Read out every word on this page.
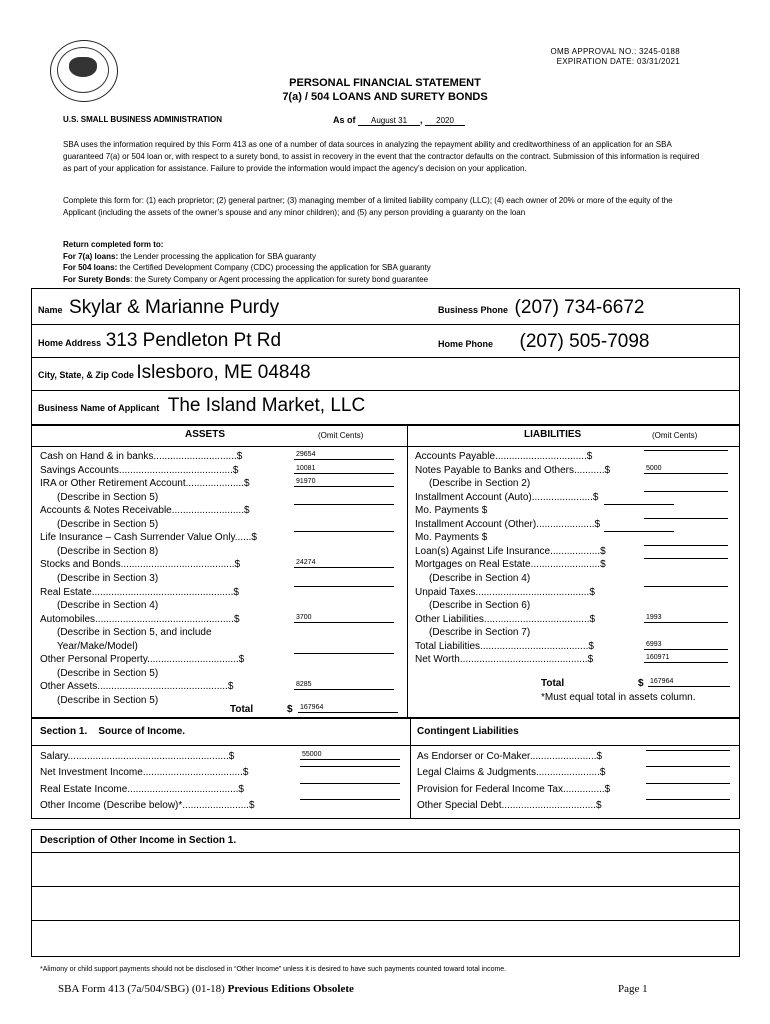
OMB APPROVAL NO.: 3245-0188
EXPIRATION DATE: 03/31/2021
PERSONAL FINANCIAL STATEMENT
7(a) / 504 LOANS AND SURETY BONDS
U.S. SMALL BUSINESS ADMINISTRATION	As of August 31 , 2020
SBA uses the information required by this Form 413 as one of a number of data sources in analyzing the repayment ability and creditworthiness of an application for an SBA guaranteed 7(a) or 504 loan or, with respect to a surety bond, to assist in recovery in the event that the contractor defaults on the contract. Submission of this information is required as part of your application for assistance. Failure to provide the information would impact the agency’s decision on your application.
Complete this form for: (1) each proprietor; (2) general partner; (3) managing member of a limited liability company (LLC); (4) each owner of 20% or more of the equity of the Applicant (including the assets of the owner’s spouse and any minor children); and (5) any person providing a guaranty on the loan
Return completed form to:
For 7(a) loans: the Lender processing the application for SBA guaranty
For 504 loans: the Certified Development Company (CDC) processing the application for SBA guaranty
For Surety Bonds: the Surety Company or Agent processing the application for surety bond guarantee
Name Skylar & Marianne Purdy	Business Phone (207) 734-6672
Home Address 313 Pendleton Pt Rd	Home Phone (207) 505-7098
City, State, & Zip Code Islesboro, ME 04848
Business Name of Applicant The Island Market, LLC
ASSETS	(Omit Cents)	LIABILITIES	(Omit Cents)
Cash on Hand & in banks..............................$	29654
Savings Accounts.........................................$	10081
IRA or Other Retirement Account.....................$	91970
(Describe in Section 5)
Accounts & Notes Receivable..........................$
(Describe in Section 5)
Life Insurance – Cash Surrender Value Only......$
(Describe in Section 8)
Stocks and Bonds.........................................$	24274
(Describe in Section 3)
Real Estate...................................................$
(Describe in Section 4)
Automobiles..................................................$	3700
(Describe in Section 5, and include
Year/Make/Model)
Other Personal Property.................................$
(Describe in Section 5)
Other Assets...............................................$	8285
(Describe in Section 5)
Accounts Payable.................................$
Notes Payable to Banks and Others...........$	5000
(Describe in Section 2)
Installment Account (Auto)......................$
Mo. Payments $
Installment Account (Other).....................$
Mo. Payments $
Loan(s) Against Life Insurance..................$
Mortgages on Real Estate.........................$
(Describe in Section 4)
Unpaid Taxes.........................................$
(Describe in Section 6)
Other Liabilities......................................$	1993
(Describe in Section 7)
Total Liabilities.......................................$	6993
Net Worth..............................................$	160971
Total	$ 167964
Total	$ 167964
*Must equal total in assets column.
Section 1. Source of Income.	Contingent Liabilities
Salary..........................................................$	55000
Net Investment Income....................................$
Real Estate Income........................................$
Other Income (Describe below)*........................$
As Endorser or Co-Maker........................$
Legal Claims & Judgments.......................$
Provision for Federal Income Tax...............$
Other Special Debt..................................$
Description of Other Income in Section 1.
*Alimony or child support payments should not be disclosed in “Other Income” unless it is desired to have such payments counted toward total income.
SBA Form 413 (7a/504/SBG) (01-18) Previous Editions Obsolete	Page 1
